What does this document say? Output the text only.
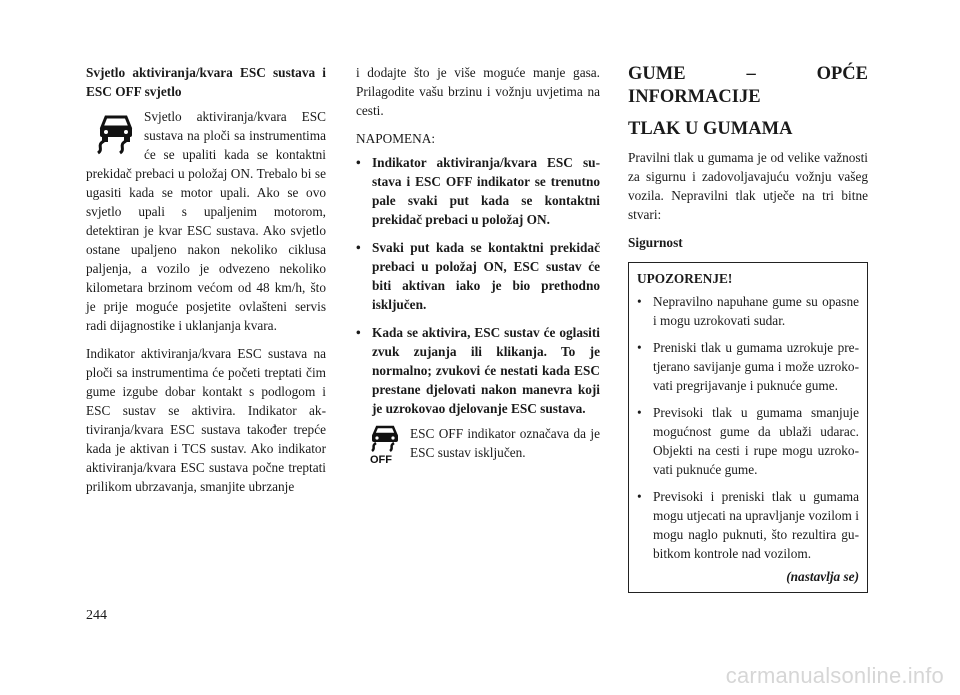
Svjetlo aktiviranja/kvara ESC sustava i ESC OFF svjetlo

Svjetlo aktiviranja/kvara ESC sustava na ploči sa instrumentima će se upaliti kada se kontaktni prekidač prebaci u položaj ON. Trebalo bi se ugasiti kada se motor upali. Ako se ovo svjetlo upali s upaljenim motorom, detektiran je kvar ESC sustava. Ako svjetlo ostane upaljeno nakon nekoliko ciklusa paljenja, a vozilo je odvezeno nekoliko kilometara brzinom većom od 48 km/h, što je prije moguće posjetite ovlašteni servis radi dijagnostike i uklanjanja kvara.

Indikator aktiviranja/kvara ESC sustava na ploči sa instrumentima će početi treptati čim gume izgube dobar kontakt s podlogom i ESC sustav se aktivira. Indikator aktiviranja/kvara ESC sustava također trepće kada je aktivan i TCS sustav. Ako indikator aktiviranja/kvara ESC sustava počne treptati prilikom ubrzavanja, smanjite ubrzanje

i dodajte što je više moguće manje gasa. Prilagodite vašu brzinu i vožnju uvjetima na cesti.

NAPOMENA:

• Indikator aktiviranja/kvara ESC sustava i ESC OFF indikator se trenutno pale svaki put kada se kontaktni prekidač prebaci u položaj ON.
• Svaki put kada se kontaktni prekidač prebaci u položaj ON, ESC sustav će biti aktivan iako je bio prethodno isključen.
• Kada se aktivira, ESC sustav će oglasiti zvuk zujanja ili klikanja. To je normalno; zvukovi će nestati kada ESC prestane djelovati nakon manevra koji je uzrokovao djelovanje ESC sustava.
OFF

ESC OFF indikator označava da je ESC sustav isključen.

GUME – OPĆE INFORMACIJE

TLAK U GUMAMA

Pravilni tlak u gumama je od velike važnosti za sigurnu i zadovoljavajuću vožnju vašeg vozila. Nepravilni tlak utječe na tri bitne stvari:

Sigurnost

UPOZORENJE!

• Nepravilno napuhane gume su opasne i mogu uzrokovati sudar.
• Preniski tlak u gumama uzrokuje pretjerano savijanje guma i može uzrokovati pregrijavanje i puknuće gume.
• Previsoki tlak u gumama smanjuje mogućnost gume da ublaži udarac. Objekti na cesti i rupe mogu uzrokovati puknuće gume.
• Previsoki i preniski tlak u gumama mogu utjecati na upravljanje vozilom i mogu naglo puknuti, što rezultira gubitkom kontrole nad vozilom.

(nastavlja se)

244
carmanualsonline.info
